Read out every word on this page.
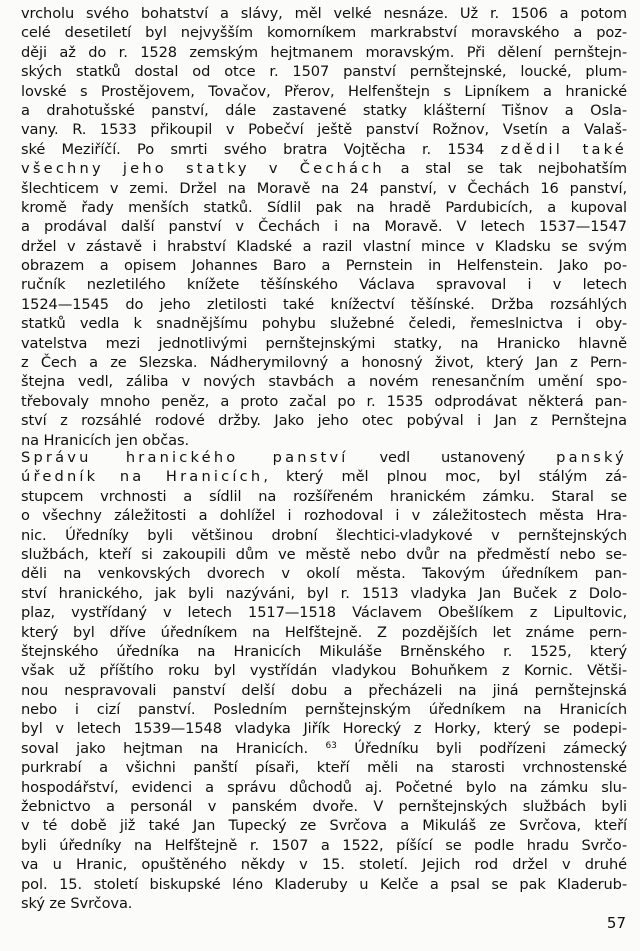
vrcholu svého bohatství a slávy, měl velké nesnáze. Už r. 1506 a potom
celé desetiletí byl nejvyšším komorníkem markrabství moravského a poz-
ději až do r. 1528 zemským hejtmanem moravským. Při dělení pernštejn-
ských statků dostal od otce r. 1507 panství pernštejnské, loucké, plum-
lovské s Prostějovem, Tovačov, Přerov, Helfenštejn s Lipníkem a hranické
a drahotušské panství, dále zastavené statky klášterní Tišnov a Osla-
vany. R. 1533 přikoupil v Pobečví ještě panství Rožnov, Vsetín a Valaš-
ské Meziříčí. Po smrti svého bratra Vojtěcha r. 1534 zdědil také
všechny jeho statky v Čechách a stal se tak nejbohatším
šlechticem v zemi. Držel na Moravě na 24 panství, v Čechách 16 panství,
kromě řady menších statků. Sídlil pak na hradě Pardubicích, a kupoval
a prodával další panství v Čechách i na Moravě. V letech 1537—1547
držel v zástavě i hrabství Kladské a razil vlastní mince v Kladsku se svým
obrazem a opisem Johannes Baro a Pernstein in Helfenstein. Jako po-
ručník nezletilého knížete těšínského Václava spravoval i v letech
1524—1545 do jeho zletilosti také knížectví těšínské. Držba rozsáhlých
statků vedla k snadnějšímu pohybu služebné čeledi, řemeslnictva i oby-
vatelstva mezi jednotlivými pernštejnskými statky, na Hranicko hlavně
z Čech a ze Slezska. Nádherymilovný a honosný život, který Jan z Pern-
štejna vedl, záliba v nových stavbách a novém renesančním umění spo-
třebovaly mnoho peněz, a proto začal po r. 1535 odprodávat některá pan-
ství z rozsáhlé rodové držby. Jako jeho otec pobýval i Jan z Pernštejna
na Hranicích jen občas.
Správu hranického panství vedl ustanovený panský
úředník na Hranicích, který měl plnou moc, byl stálým zá-
stupcem vrchnosti a sídlil na rozšířeném hranickém zámku. Staral se
o všechny záležitosti a dohlížel i rozhodoval i v záležitostech města Hra-
nic. Úředníky byli většinou drobní šlechtici-vladykové v pernštejnských
službách, kteří si zakoupili dům ve městě nebo dvůr na předměstí nebo se-
děli na venkovských dvorech v okolí města. Takovým úředníkem pan-
ství hranického, jak byli nazýváni, byl r. 1513 vladyka Jan Buček z Dolo-
plaz, vystřídaný v letech 1517—1518 Václavem Obešlíkem z Lipultovic,
který byl dříve úředníkem na Helfštejně. Z pozdějších let známe pern-
štejnského úředníka na Hranicích Mikuláše Brněnského r. 1525, který
však už příštího roku byl vystřídán vladykou Bohuňkem z Kornic. Větši-
nou nespravovali panství delší dobu a přecházeli na jiná pernštejnská
nebo i cizí panství. Posledním pernštejnským úředníkem na Hranicích
byl v letech 1539—1548 vladyka Jiřík Horecký z Horky, který se podepi-
soval jako hejtman na Hranicích. $^{63}$ Úředníku byli podřízeni zámecký
purkrabí a všichni panští písaři, kteří měli na starosti vrchnostenské
hospodářství, evidenci a správu důchodů aj. Početné bylo na zámku slu-
žebnictvo a personál v panském dvoře. V pernštejnských službách byli
v té době již také Jan Tupecký ze Svrčova a Mikuláš ze Svrčova, kteří
byli úředníky na Helfštejně r. 1507 a 1522, píšící se podle hradu Svrčo-
va u Hranic, opuštěného někdy v 15. století. Jejich rod držel v druhé
pol. 15. století biskupské léno Kladeruby u Kelče a psal se pak Kladerub-
ský ze Svrčova.
57
